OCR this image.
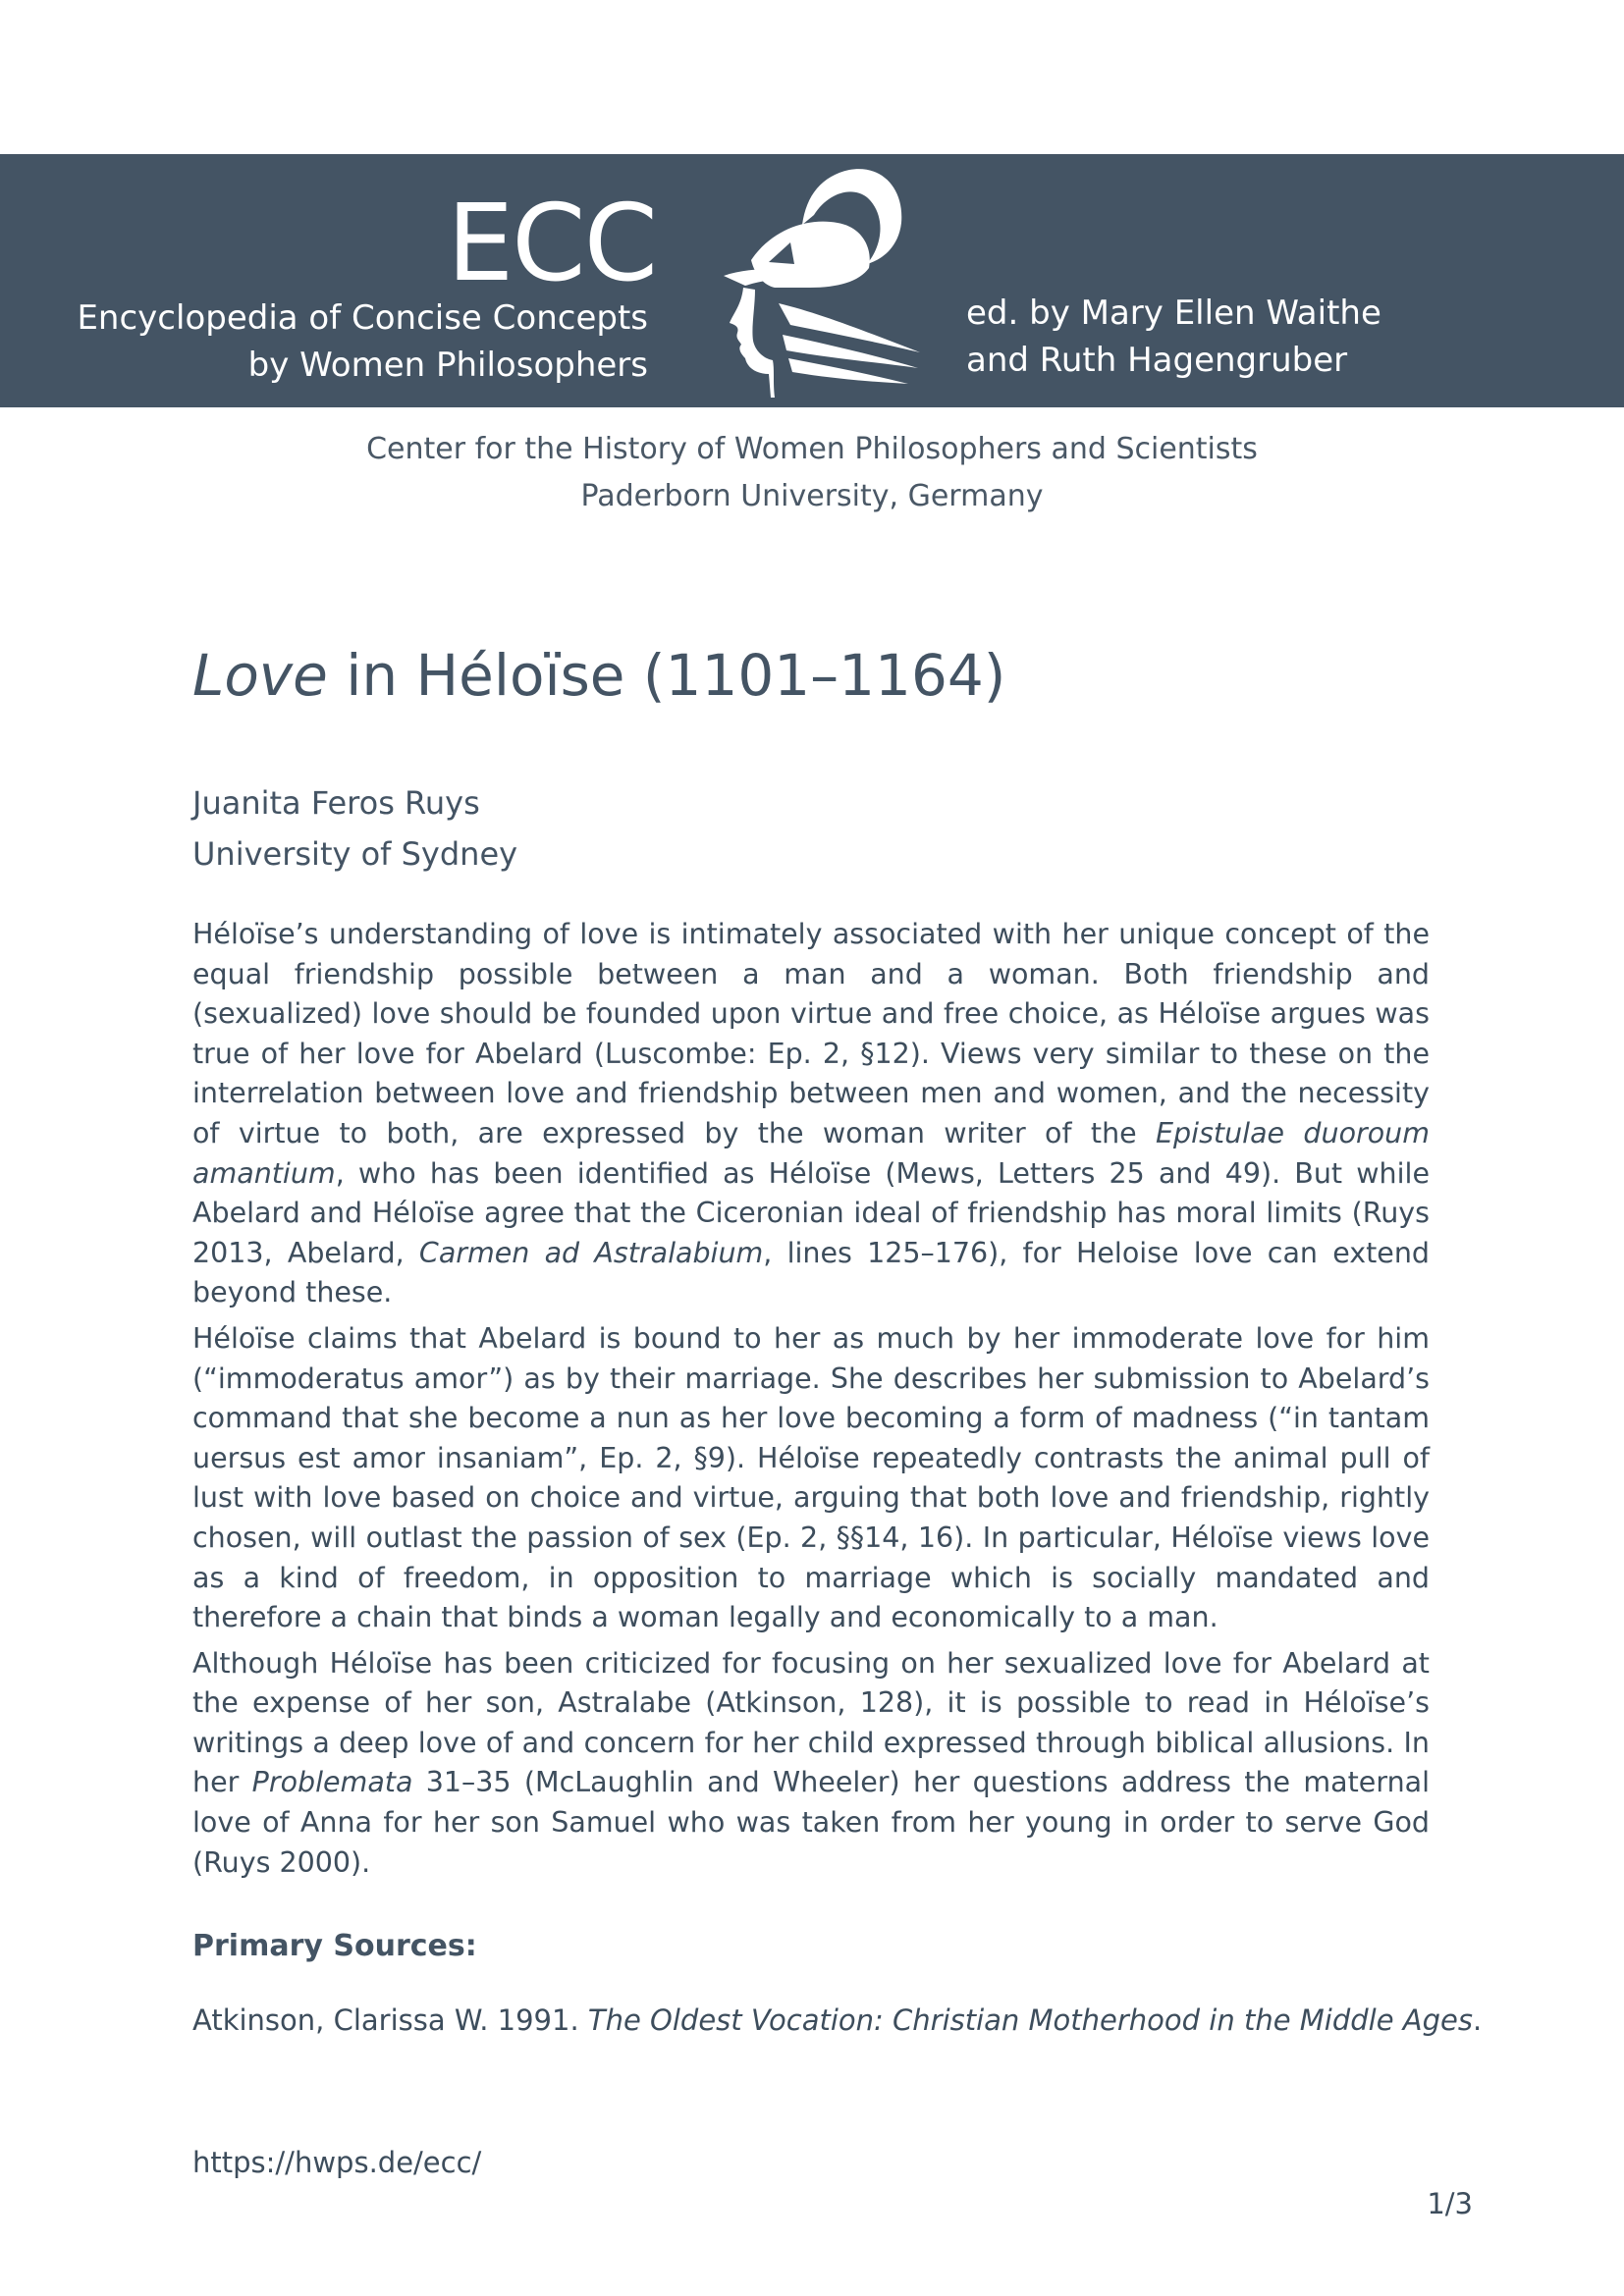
ECC
Encyclopedia of Concise Concepts
by Women Philosophers
ed. by Mary Ellen Waithe
and Ruth Hagengruber
Center for the History of Women Philosophers and Scientists
Paderborn University, Germany
Love in Héloïse (1101–1164)
Juanita Feros Ruys
University of Sydney

Héloïse’s understanding of love is intimately associated with her unique concept of the equal friendship possible between a man and a woman. Both friendship and (sexualized) love should be founded upon virtue and free choice, as Héloïse argues was true of her love for Abelard (Luscombe: Ep. 2, §12). Views very similar to these on the interrelation between love and friendship between men and women, and the necessity of virtue to both, are expressed by the woman writer of the Epistulae duoroum amantium, who has been identified as Héloïse (Mews, Letters 25 and 49). But while Abelard and Héloïse agree that the Ciceronian ideal of friendship has moral limits (Ruys 2013, Abelard, Carmen ad Astralabium, lines 125–176), for Heloise love can extend beyond these.

Héloïse claims that Abelard is bound to her as much by her immoderate love for him (“immoderatus amor”) as by their marriage. She describes her submission to Abelard’s command that she become a nun as her love becoming a form of madness (“in tantam uersus est amor insaniam”, Ep. 2, §9). Héloïse repeatedly contrasts the animal pull of lust with love based on choice and virtue, arguing that both love and friendship, rightly chosen, will outlast the passion of sex (Ep. 2, §§14, 16). In particular, Héloïse views love as a kind of freedom, in opposition to marriage which is socially mandated and therefore a chain that binds a woman legally and economically to a man.

Although Héloïse has been criticized for focusing on her sexualized love for Abelard at the expense of her son, Astralabe (Atkinson, 128), it is possible to read in Héloïse’s writings a deep love of and concern for her child expressed through biblical allusions. In her Problemata 31–35 (McLaughlin and Wheeler) her questions address the maternal love of Anna for her son Samuel who was taken from her young in order to serve God (Ruys 2000).

Primary Sources:
Atkinson, Clarissa W. 1991. The Oldest Vocation: Christian Motherhood in the Middle Ages.
https://hwps.de/ecc/
1/3
